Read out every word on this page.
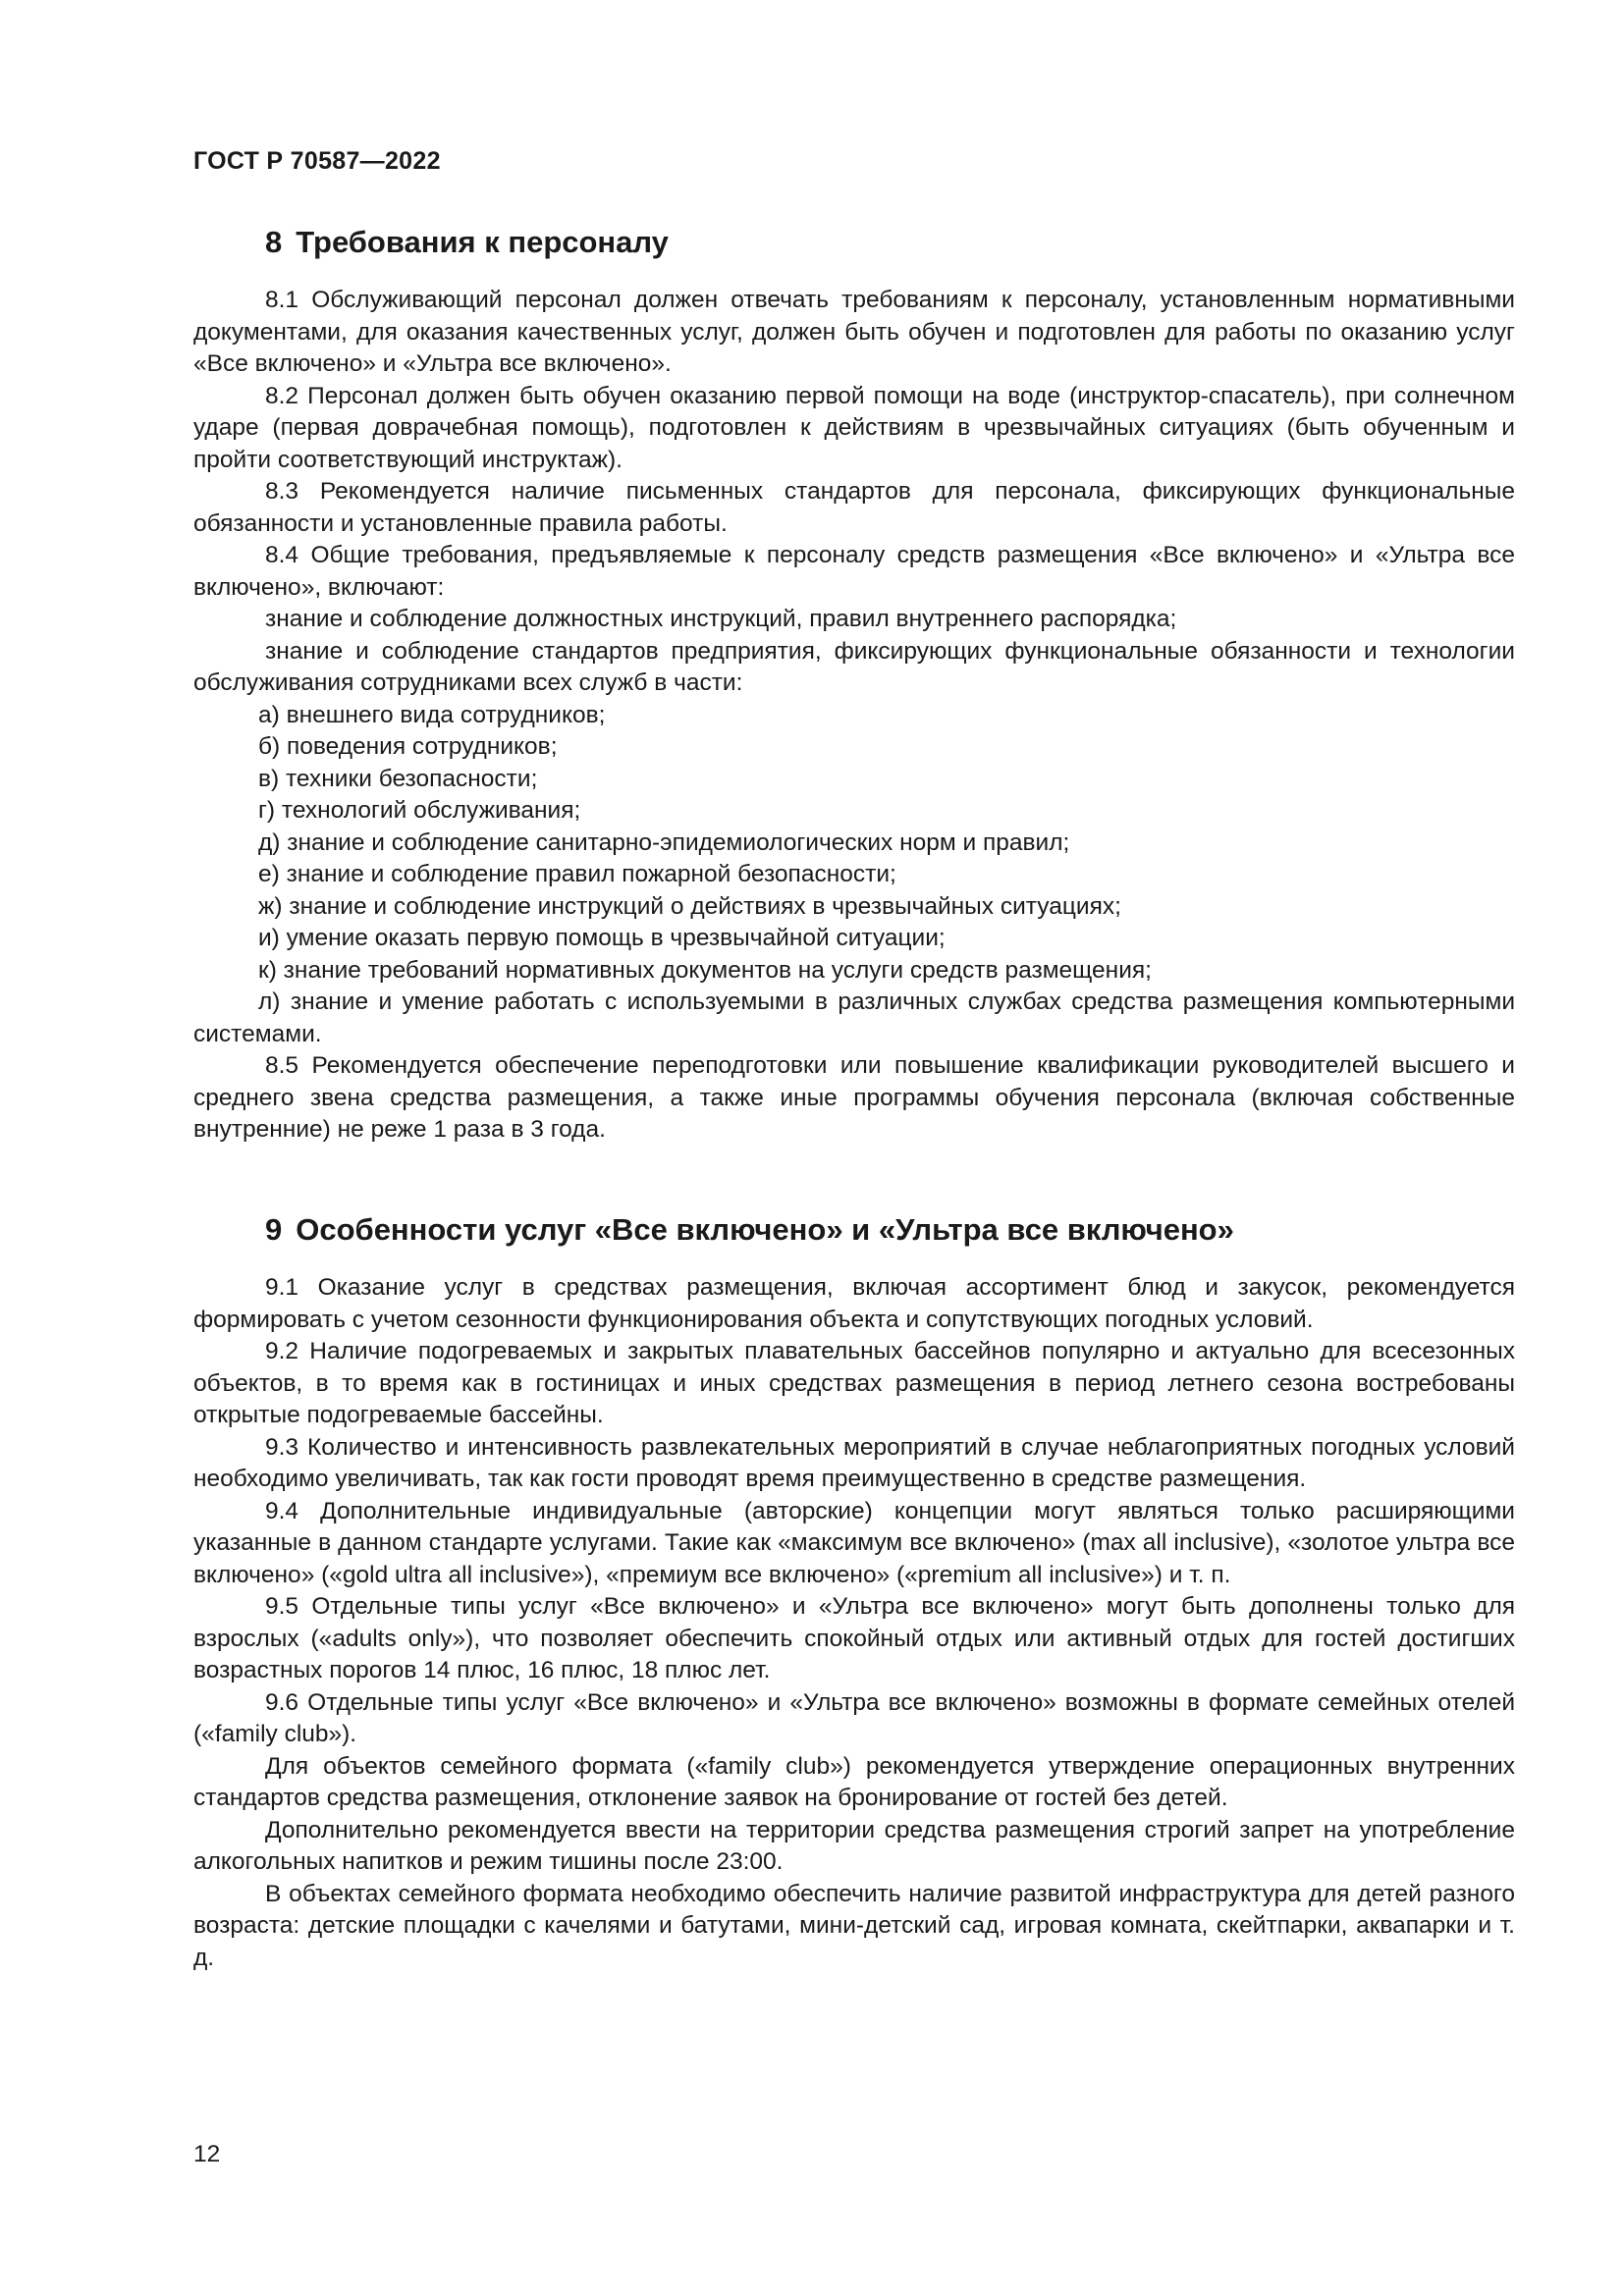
ГОСТ Р 70587—2022
8 Требования к персоналу

8.1 Обслуживающий персонал должен отвечать требованиям к персоналу, установленным нормативными документами, для оказания качественных услуг, должен быть обучен и подготовлен для работы по оказанию услуг «Все включено» и «Ультра все включено».

8.2 Персонал должен быть обучен оказанию первой помощи на воде (инструктор-спасатель), при солнечном ударе (первая доврачебная помощь), подготовлен к действиям в чрезвычайных ситуациях (быть обученным и пройти соответствующий инструктаж).

8.3 Рекомендуется наличие письменных стандартов для персонала, фиксирующих функциональные обязанности и установленные правила работы.

8.4 Общие требования, предъявляемые к персоналу средств размещения «Все включено» и «Ультра все включено», включают:

знание и соблюдение должностных инструкций, правил внутреннего распорядка;

знание и соблюдение стандартов предприятия, фиксирующих функциональные обязанности и технологии обслуживания сотрудниками всех служб в части:

а) внешнего вида сотрудников;

б) поведения сотрудников;

в) техники безопасности;

г) технологий обслуживания;

д) знание и соблюдение санитарно-эпидемиологических норм и правил;

е) знание и соблюдение правил пожарной безопасности;

ж) знание и соблюдение инструкций о действиях в чрезвычайных ситуациях;

и) умение оказать первую помощь в чрезвычайной ситуации;

к) знание требований нормативных документов на услуги средств размещения;

л) знание и умение работать с используемыми в различных службах средства размещения компьютерными системами.

8.5 Рекомендуется обеспечение переподготовки или повышение квалификации руководителей высшего и среднего звена средства размещения, а также иные программы обучения персонала (включая собственные внутренние) не реже 1 раза в 3 года.

9 Особенности услуг «Все включено» и «Ультра все включено»

9.1 Оказание услуг в средствах размещения, включая ассортимент блюд и закусок, рекомендуется формировать с учетом сезонности функционирования объекта и сопутствующих погодных условий.

9.2 Наличие подогреваемых и закрытых плавательных бассейнов популярно и актуально для всесезонных объектов, в то время как в гостиницах и иных средствах размещения в период летнего сезона востребованы открытые подогреваемые бассейны.

9.3 Количество и интенсивность развлекательных мероприятий в случае неблагоприятных погодных условий необходимо увеличивать, так как гости проводят время преимущественно в средстве размещения.

9.4 Дополнительные индивидуальные (авторские) концепции могут являться только расширяющими указанные в данном стандарте услугами. Такие как «максимум все включено» (max all inclusive), «золотое ультра все включено» («gold ultra all inclusive»), «премиум все включено» («premium all inclusive») и т. п.

9.5 Отдельные типы услуг «Все включено» и «Ультра все включено» могут быть дополнены только для взрослых («adults only»), что позволяет обеспечить спокойный отдых или активный отдых для гостей достигших возрастных порогов 14 плюс, 16 плюс, 18 плюс лет.

9.6 Отдельные типы услуг «Все включено» и «Ультра все включено» возможны в формате семейных отелей («family club»).

Для объектов семейного формата («family club») рекомендуется утверждение операционных внутренних стандартов средства размещения, отклонение заявок на бронирование от гостей без детей.

Дополнительно рекомендуется ввести на территории средства размещения строгий запрет на употребление алкогольных напитков и режим тишины после 23:00.

В объектах семейного формата необходимо обеспечить наличие развитой инфраструктура для детей разного возраста: детские площадки с качелями и батутами, мини-детский сад, игровая комната, скейтпарки, аквапарки и т. д.

12
